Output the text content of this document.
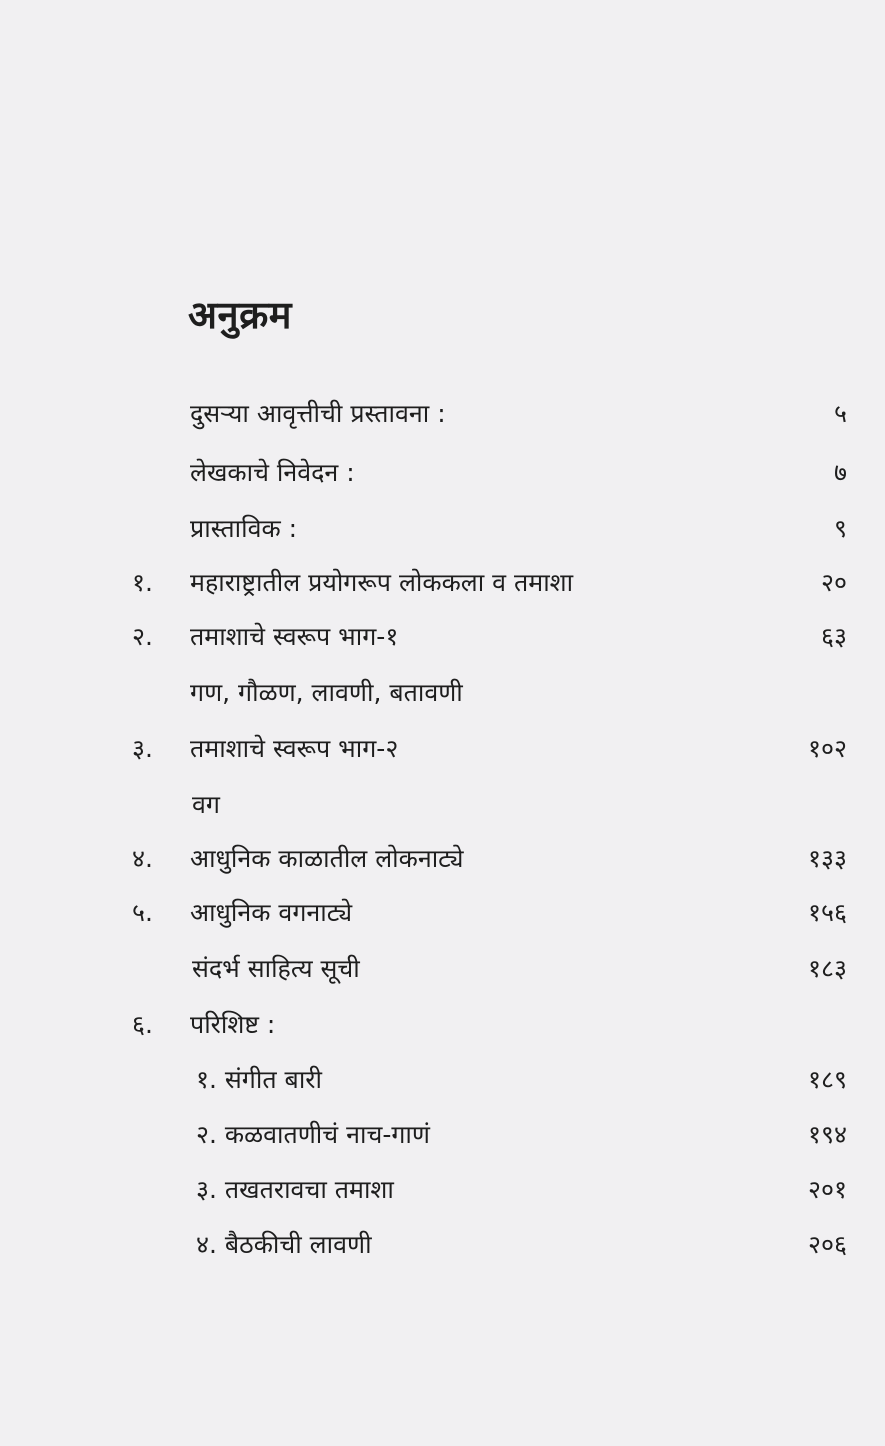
अनुक्रम
दुसऱ्या आवृत्तीची प्रस्तावना :	५
लेखकाचे निवेदन :	७
प्रास्ताविक :	९
१.	महाराष्ट्रातील प्रयोगरूप लोककला व तमाशा	२०
२.	तमाशाचे स्वरूप भाग-१	६३
गण, गौळण, लावणी, बतावणी
३.	तमाशाचे स्वरूप भाग-२	१०२
वग
४.	आधुनिक काळातील लोकनाट्ये	१३३
५.	आधुनिक वगनाट्ये	१५६
संदर्भ साहित्य सूची	१८३
६.	परिशिष्ट :
१. संगीत बारी	१८९
२. कळवातणीचं नाच-गाणं	१९४
३. तखतरावचा तमाशा	२०१
४. बैठकीची लावणी	२०६
